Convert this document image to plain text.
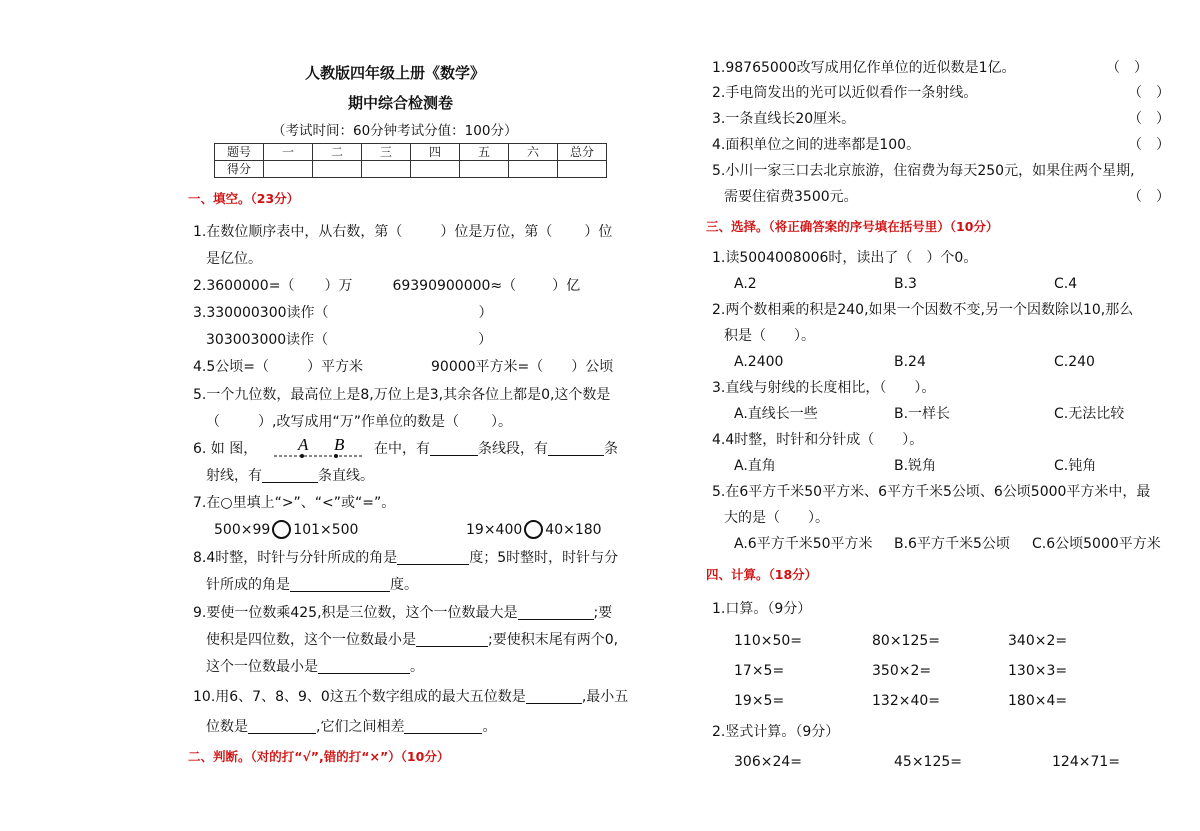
人教版四年级上册《数学》
期中综合检测卷
（考试时间：60分钟考试分值：100分）
题号	一	二	三	四	五	六	总分
得分							
一、填空。（23分）
1.在数位顺序表中，从右数，第（	）位是万位，第（ ）位
是亿位。
2.3600000=（ ）万	69390900000≈（	）亿
3.330000300读作（	）
303003000读作（	）
4.5公顷=（	）平方米	90000平方米=（ ）公顷
5.一个九位数，最高位上是8,万位上是3,其余各位上都是0,这个数是
（	）,改写成用“万”作单位的数是（ ）。
6. 如 图， A B 在中，有	条线段，有	条
射线，有	条直线。
7.在○里填上“>”、“<”或“=”。
500×99 101×500	19×400 40×180
8.4时整，时针与分针所成的角是	度；5时整时，时针与分
针所成的角是	度。
9.要使一位数乘425,积是三位数，这个一位数最大是	;要
使积是四位数，这个一位数最小是	;要使积末尾有两个0,
这个一位数最小是	。
10.用6、7、8、9、0这五个数字组成的最大五位数是	,最小五
位数是	,它们之间相差	。
二、判断。（对的打“√”,错的打“×”）（10分）
1.98765000改写成用亿作单位的近似数是1亿。	（　）
2.手电筒发出的光可以近似看作一条射线。	（　）
3.一条直线长20厘米。	（　）
4.面积单位之间的进率都是100。	（　）
5.小川一家三口去北京旅游，住宿费为每天250元，如果住两个星期,
需要住宿费3500元。	（　）
三、选择。（将正确答案的序号填在括号里）（10分）
1.读5004008006时，读出了（　）个0。
A.2	B.3	C.4
2.两个数相乘的积是240,如果一个因数不变,另一个因数除以10,那么
积是（　　）。
A.2400	B.24	C.240
3.直线与射线的长度相比，（　　）。
A.直线长一些	B.一样长	C.无法比较
4.4时整，时针和分针成（　　）。
A.直角	B.锐角	C.钝角
5.在6平方千米50平方米、6平方千米5公顷、6公顷5000平方米中，最
大的是（　　）。
A.6平方千米50平方米 B.6平方千米5公顷 C.6公顷5000平方米
四、计算。（18分）
1.口算。（9分）
110×50=	80×125=	340×2=
17×5=	350×2=	130×3=
19×5=	132×40=	180×4=
2.竖式计算。（9分）
306×24=	45×125=	124×71=
